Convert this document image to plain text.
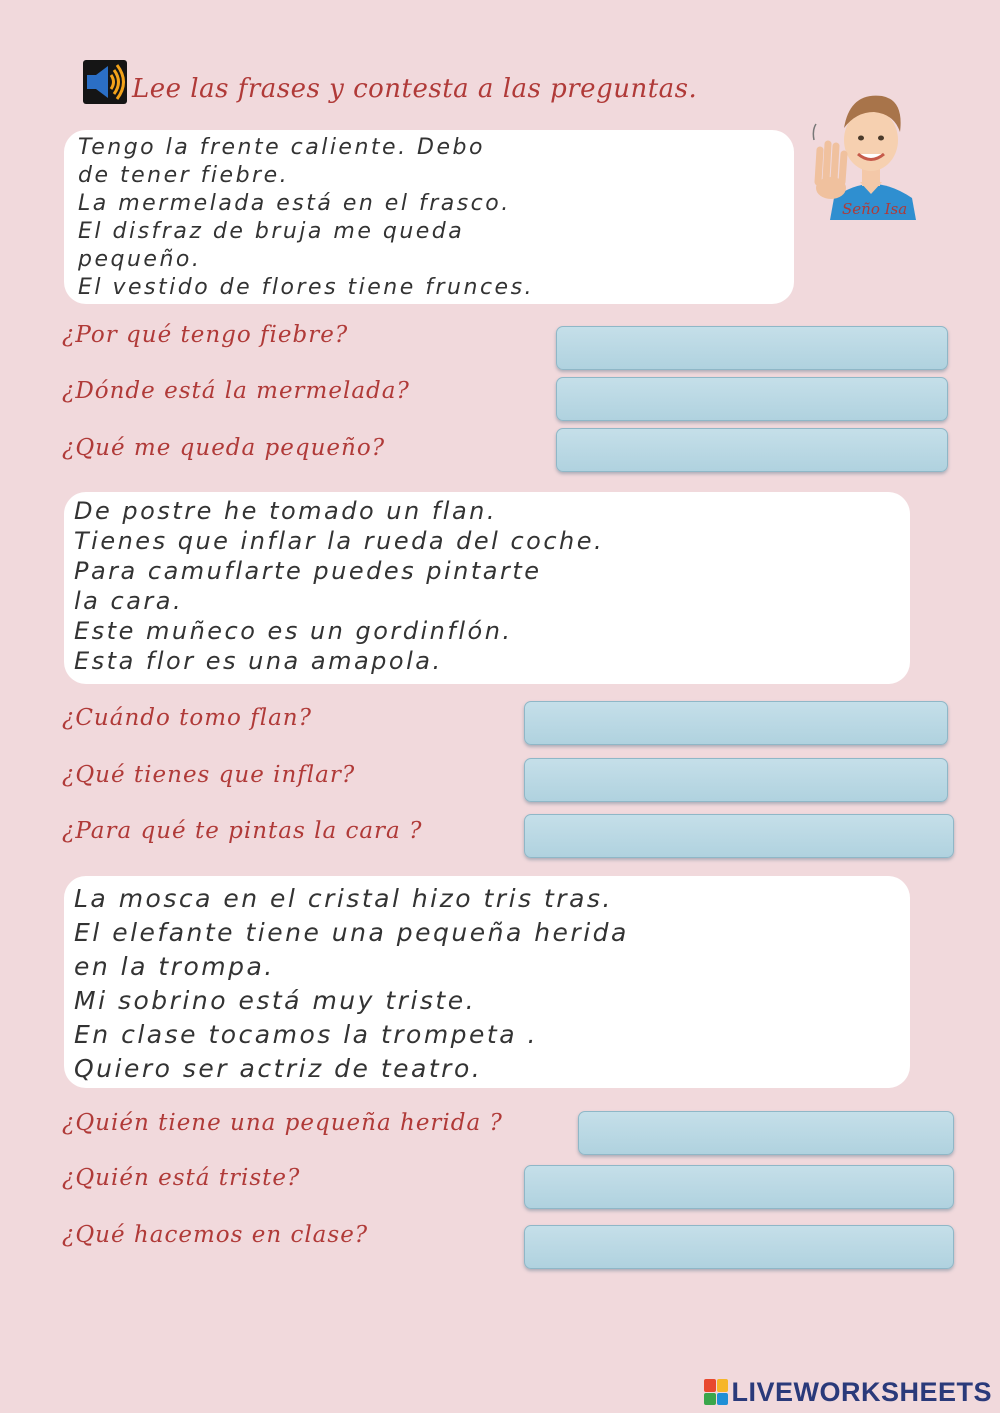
Lee las frases y contesta a las preguntas.
Seño Isa
Tengo la frente caliente. Debo
de tener fiebre.
La mermelada está en el frasco.
El disfraz de bruja me queda
pequeño.
El vestido de flores tiene frunces.
¿Por qué tengo fiebre?
¿Dónde está la mermelada?
¿Qué me queda pequeño?
De postre he tomado un flan.
Tienes que inflar la rueda del coche.
Para camuflarte puedes pintarte
la cara.
Este muñeco es un gordinflón.
Esta flor es una amapola.
¿Cuándo tomo flan?
¿Qué tienes que inflar?
¿Para qué te pintas la cara ?
La mosca en el cristal hizo tris tras.
El elefante tiene una pequeña herida
en la trompa.
Mi sobrino está muy triste.
En clase tocamos la trompeta .
Quiero ser actriz de teatro.
¿Quién tiene una pequeña herida ?
¿Quién está triste?
¿Qué hacemos en clase?
LIVEWORKSHEETS
